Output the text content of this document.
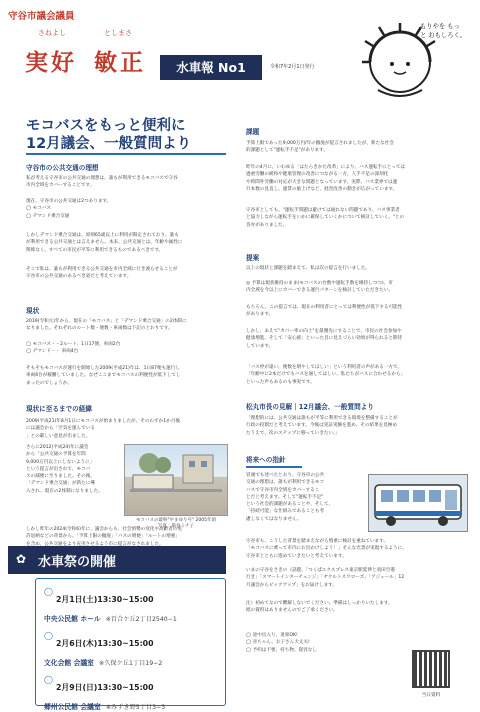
守谷市議会議員
さねよし	としまさ
実好 敏正	水車報 No1	令和7年2月1日発行
もりやを もっと おもしろく。
モコバスをもっと便利に
12月議会、一般質問より
守谷市の公共交通の理想
私が考える守谷市の公共交通の理想は、誰もが利用できるモコバスで守谷
市内全域をカバーすることです。
現在、守谷市の公共交通は2つあります。
◯ モコバス
◯ デマンド乗合交通
しかしデマンド乗合交通は、原則65歳以上に利用が限定されており、誰も
が利用できる公共交通とは言えません。本来、公共交通とは、年齢や属性に
関係なく、すべての市民が平等に利用できるものであるべきです。
そこで私は、誰もが利用できる公共交通を市内全域に行き渡らせることが
守谷市の公共交通のあるべき姿だと考えています。
現状
2019(令和元)年から、現在の「モコバス」と「デマンド乗合交通」の2体制に
なりました。それぞれのルート数・便数・車両数は下記のとおりです。
◯ モコバス・・2ルート、1日17便、車両2台
◯ デマンド・・ 車両4台
そもそもモコバスが運行を開始した2009(平成21)年は、1日87便も運行し
車両6台が稼働していました。なぜここまでモコバスの利便性が低下してし
まったのでしょうか。
現状に至るまでの経緯
2009(平成21)年8月1日にモコバスが始まりましたが、そのわずか1か月後
には議会から「空気を運んでいる
」との厳しい意見が出ました。
さらに2012(平成24)年に議会
から「公共交通の予算を年間
9,000万円以上にしないように」
という提言が出されて、モコバ
スの減便に至りました。その後、
「デマンド乗合交通」が新たに導
入され、現在の2体制になりました。
モコバスの最終"やまゆり号" 2005年頃
写真：染谷ミチ子
課題
予算上限であった9,000万円/年の撤廃が提言されましたが、新たな社会
的課題として"運転手不足"があります。
昨年の4月に、いわゆる「はたらきかた改革」により、バス運転手にとっては
過重労働の緩和や健康管理の改善につながる一方、人手不足の深刻化
や時間外労働の対応が大きな問題となっています。実際、バス業界では運
行本数の見直し、運賃の値上げなど、経営改善の動きが広がっています。
守谷市としても、"運転手問題は避けては通れない問題であり、バス事業者
と協力しながら運転手をいかに確保していくかについて検討していく。"との
答弁がありました。
提案
以上の現状と課題を踏まえて、私は次の提言を行いました。
◎ 予算は現状維持のまま(モコバスの台数や運転手数を維持しつつ)、市
内全域を今以上にカバーできる運行パターンを検討していただきたい。
もちろん、この提言では、現在の利用者にとっては利便性が低下する可能性
があります。
しかし、あえて"カバー率の向上"を最優先にすることで、市民の社会参加や
健康増進、そして「安心感」といった目に見えづらい効果が得られると期待
しています。
「バス停が遠い、便数を増やしてほしい」という利用者の声がある一方で、
「年齢中に2本だけでもバスを通してほしい、私たちがバスに合わせるから」
といった声もあるのも事実です。
松丸市長の見解｜12月議会、一般質問より
「理想的には、公共交通は誰もが平等に利用できる環境を整備することが
行政の役割だと考えています。今後は実証実験を進め、その結果を見極め
たうえで、次のステップに移っていきたい。」
将来への指針
冒頭でも述べたとおり、守谷市の公共
交通の理想は、誰もが利用できるモコ
バスで守谷市内全域をカバーするこ
とだと考えます。そして"運転手不足"
という社会的課題があることや、そして、
「持続可能」な仕組みであることも考
慮しなくてはなりません。
守谷市も、こうした背景を踏まえながら慎重に検討を重ねています。
「モコバスに乗って市内にお出かけしよう！」そんな光景が実現するように、
守谷市とともに進めていきたいと考えています。
✿ 水車祭の開催
2月1日(土)13:30~15:00
◯

中央公民館 ホール ※百合ケ丘2丁目2540−1
◯
2月6日(木)13:30~15:00
文化会館 会議室 ※久保ケ丘1丁目19−2
◯
2月9日(日)13:30~15:00
郷州公民館 会議室 ※みずき野5丁目3−3
いまの守谷をさきの《話題、「つくばエクスプレス東京駅延伸と羽田空港
行き」「スマートインターチェンジ」「ヤクルトスワローズ」「アジュール」12
月議会からピックアップ」をお届けします。
注）初めてなので難解しないでください。準備はしっかりいたします。
紙の資料はありませんのでご了承ください。
◯ 途中出入り、退席OK!
◯ 赤ちゃん、お子さん大丈夫!
◯ 予約は不要、持ち物、資容なし
当日資料
しかし昨年の2024(令和6)年に、議会からも、社会情勢の変化や高齢者の免
許返納などの背景から、「予算上限の撤廃」「バスの増便」「ルートの増強」
を含め、公共交通をより充実させるよう市に提言がなされました。
